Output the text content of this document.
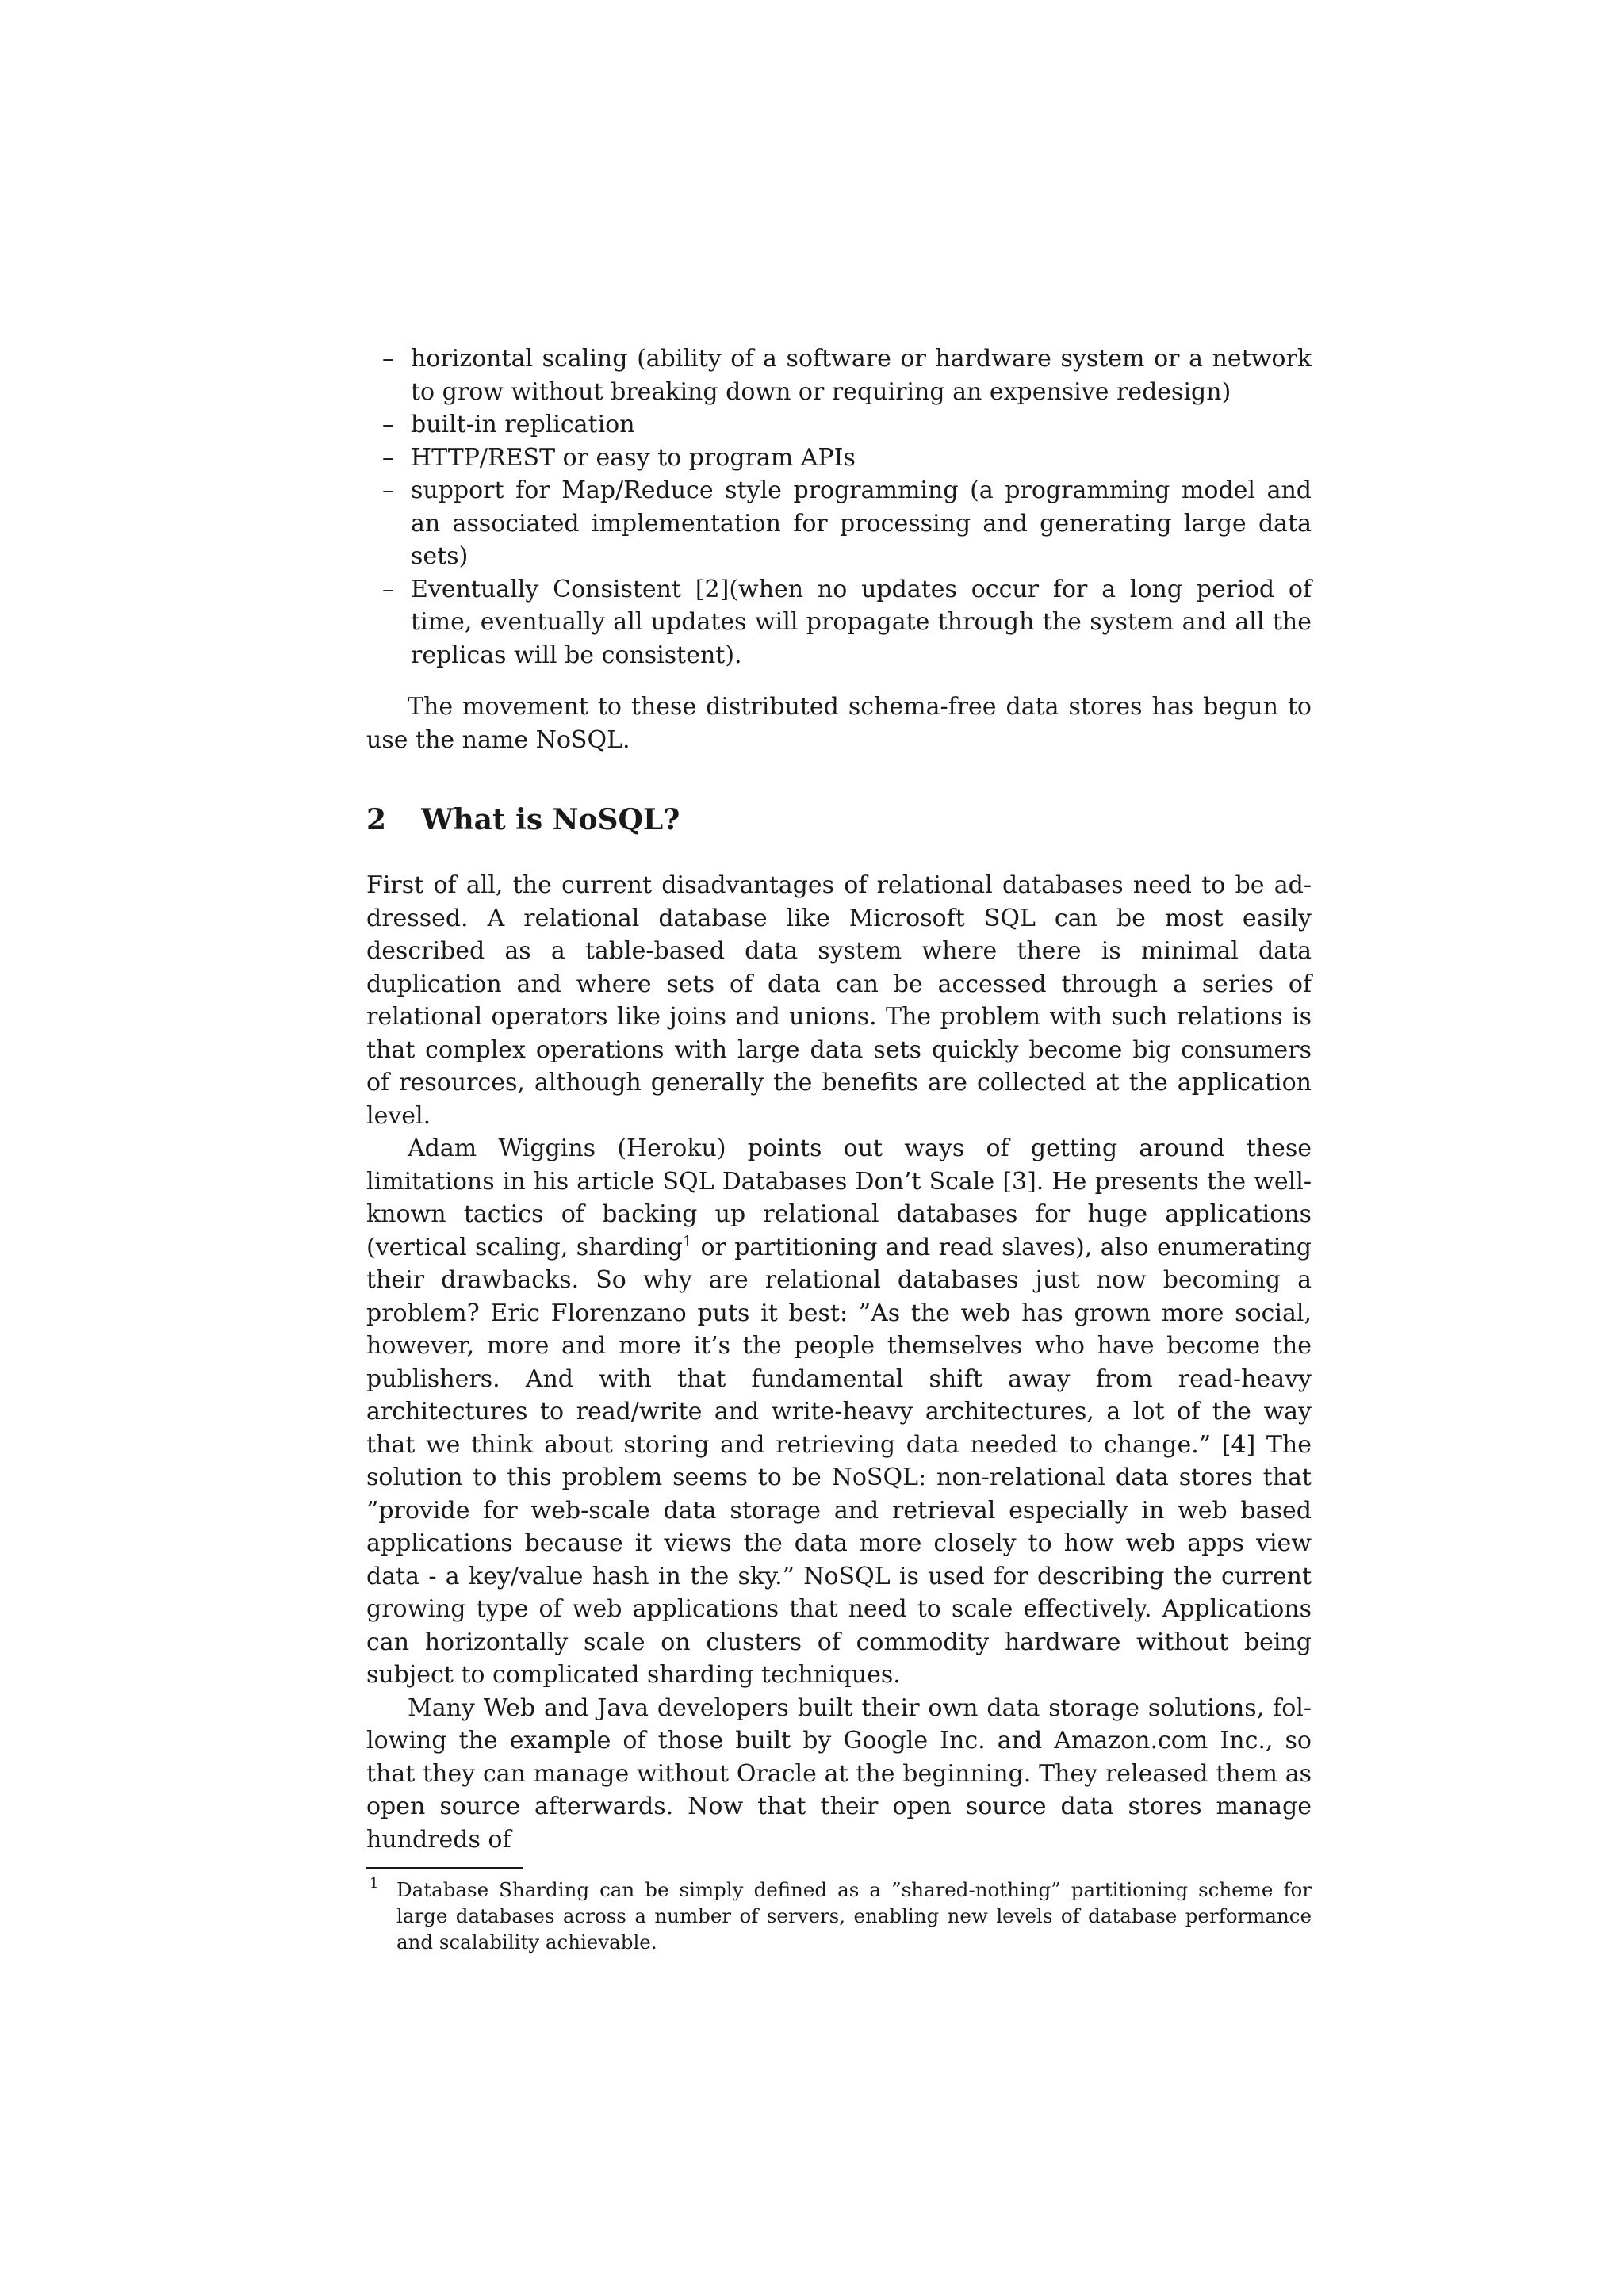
– horizontal scaling (ability of a software or hardware system or a network to grow without breaking down or requiring an expensive redesign)
– built-in replication
– HTTP/REST or easy to program APIs
– support for Map/Reduce style programming (a programming model and an associated implementation for processing and generating large data sets)
– Eventually Consistent [2](when no updates occur for a long period of time, eventually all updates will propagate through the system and all the replicas will be consistent).

The movement to these distributed schema-free data stores has begun to use the name NoSQL.

2 What is NoSQL?

First of all, the current disadvantages of relational databases need to be addressed. A relational database like Microsoft SQL can be most easily described as a table-based data system where there is minimal data duplication and where sets of data can be accessed through a series of relational operators like joins and unions. The problem with such relations is that complex operations with large data sets quickly become big consumers of resources, although generally the benefits are collected at the application level.

Adam Wiggins (Heroku) points out ways of getting around these limitations in his article SQL Databases Don’t Scale [3]. He presents the well-known tactics of backing up relational databases for huge applications (vertical scaling, sharding$^1$ or partitioning and read slaves), also enumerating their drawbacks. So why are relational databases just now becoming a problem? Eric Florenzano puts it best: ”As the web has grown more social, however, more and more it’s the people themselves who have become the publishers. And with that fundamental shift away from read-heavy architectures to read/write and write-heavy architectures, a lot of the way that we think about storing and retrieving data needed to change.” [4] The solution to this problem seems to be NoSQL: non-relational data stores that ”provide for web-scale data storage and retrieval especially in web based applications because it views the data more closely to how web apps view data - a key/value hash in the sky.” NoSQL is used for describing the current growing type of web applications that need to scale effectively. Applications can horizontally scale on clusters of commodity hardware without being subject to complicated sharding techniques.

Many Web and Java developers built their own data storage solutions, following the example of those built by Google Inc. and Amazon.com Inc., so that they can manage without Oracle at the beginning. They released them as open source afterwards. Now that their open source data stores manage hundreds of

1 Database Sharding can be simply defined as a ”shared-nothing” partitioning scheme for large databases across a number of servers, enabling new levels of database performance and scalability achievable.
